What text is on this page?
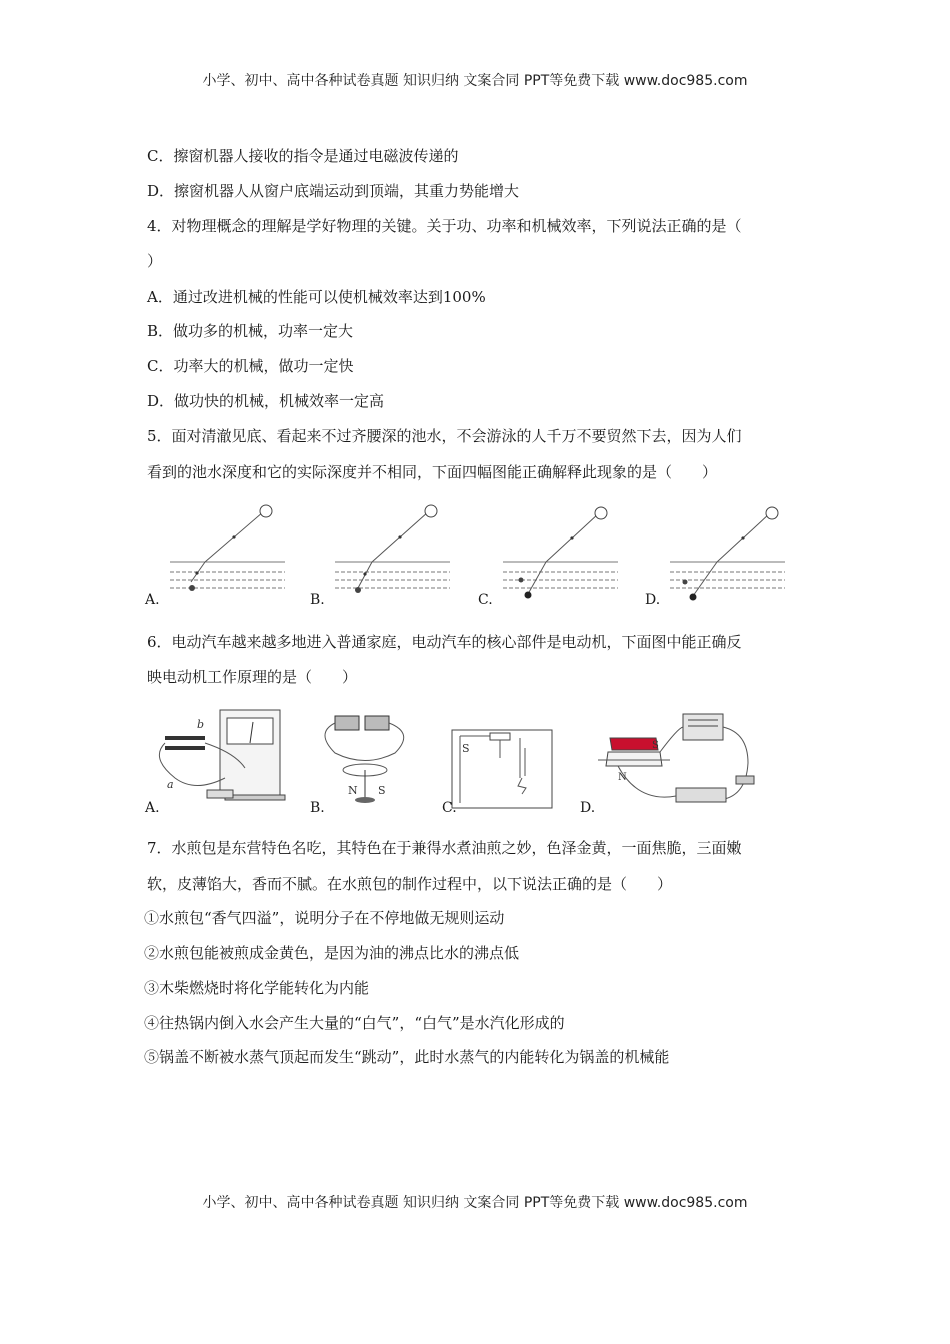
小学、初中、高中各种试卷真题 知识归纳 文案合同 PPT等免费下载 www.doc985.com
C．擦窗机器人接收的指令是通过电磁波传递的
D．擦窗机器人从窗户底端运动到顶端，其重力势能增大
4．对物理概念的理解是学好物理的关键。关于功、功率和机械效率，下列说法正确的是（
）
A．通过改进机械的性能可以使机械效率达到100%
B．做功多的机械，功率一定大
C．功率大的机械，做功一定快
D．做功快的机械，机械效率一定高
5．面对清澈见底、看起来不过齐腰深的池水，不会游泳的人千万不要贸然下去，因为人们
看到的池水深度和它的实际深度并不相同，下面四幅图能正确解释此现象的是（　　）
A.	B.	C.	D.
6．电动汽车越来越多地进入普通家庭，电动汽车的核心部件是电动机，下面图中能正确反
映电动机工作原理的是（　　）
a
b
A.
N S
B.
S
C.
S
N
D.
7．水煎包是东营特色名吃，其特色在于兼得水煮油煎之妙，色泽金黄，一面焦脆，三面嫩
软，皮薄馅大，香而不腻。在水煎包的制作过程中，以下说法正确的是（　　）
①水煎包“香气四溢”，说明分子在不停地做无规则运动
②水煎包能被煎成金黄色，是因为油的沸点比水的沸点低
③木柴燃烧时将化学能转化为内能
④往热锅内倒入水会产生大量的“白气”，“白气”是水汽化形成的
⑤锅盖不断被水蒸气顶起而发生“跳动”，此时水蒸气的内能转化为锅盖的机械能
小学、初中、高中各种试卷真题 知识归纳 文案合同 PPT等免费下载 www.doc985.com
